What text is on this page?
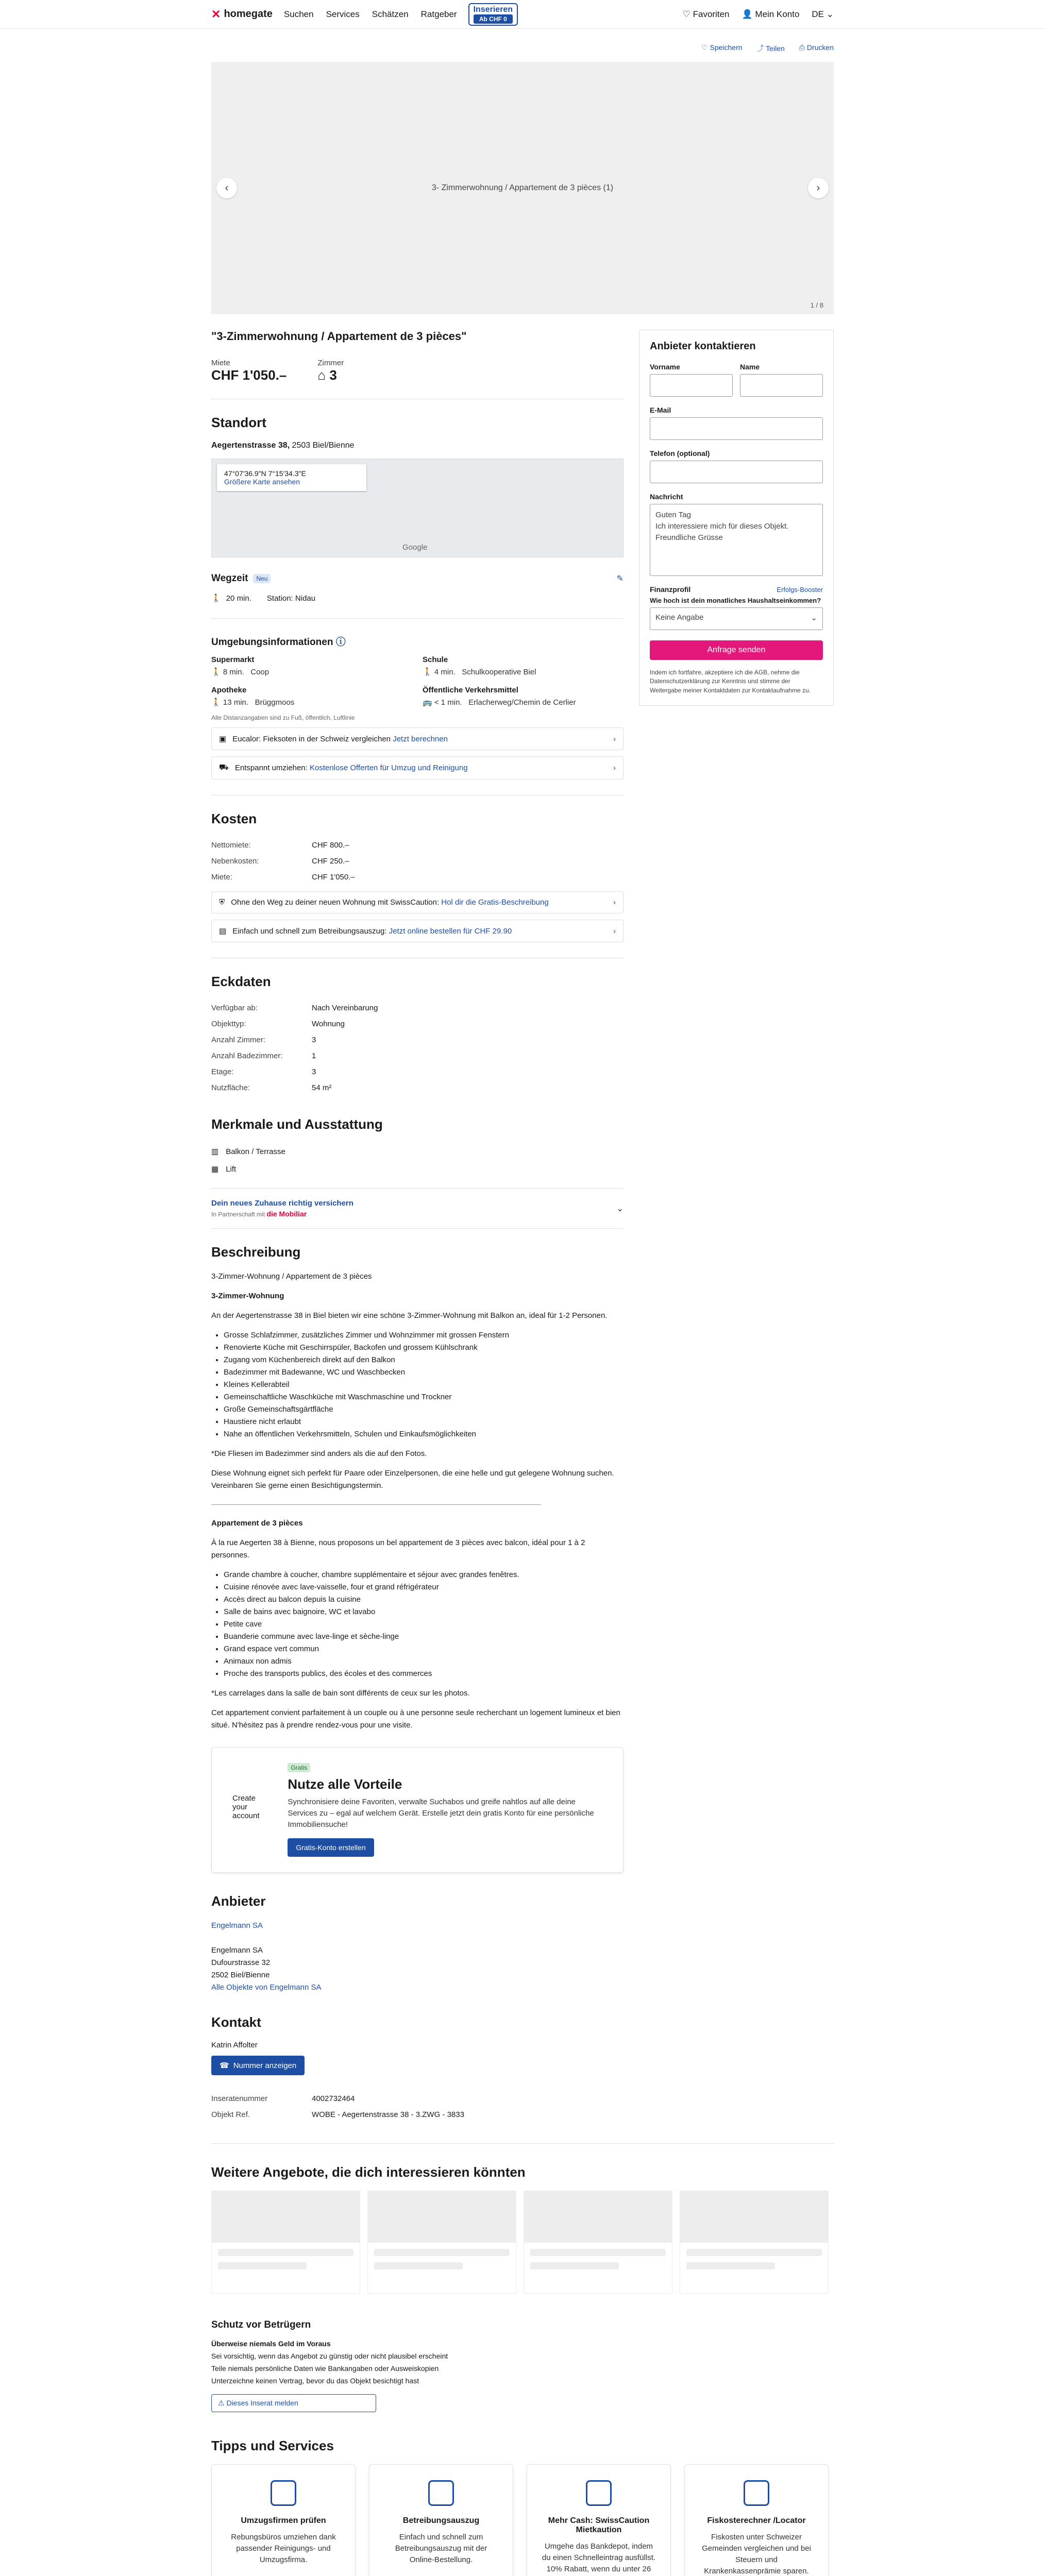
✕ homegate Suchen Services Schätzen Ratgeber	Inserieren
Ab CHF 0	♡ Favoriten 👤 Mein Konto DE ⌄
♡ Speichern ⤴ Teilen ⎙ Drucken
3- Zimmerwohnung / Appartement de 3 pièces (1)
‹	›
1 / 8
"3-Zimmerwohnung / Appartement de 3 pièces"
Miete
CHF 1'050.–
Zimmer
⌂ 3
Standort
Aegertenstrasse 38, 2503 Biel/Bienne
47°07'36.9"N 7°15'34.3"E
Größere Karte ansehen
Google
Wegzeit	Neu	✎
🚶 20 min. Station: Nidau
Umgebungsinformationen ⓘ
Supermarkt
🚶 8 min. Coop
Schule
🚶 4 min. Schulkooperative Biel
Apotheke
🚶 13 min. Brüggmoos
Öffentliche Verkehrsmittel
🚌 < 1 min. Erlacherweg/Chemin de Cerlier
Alle Distanzangaben sind zu Fuß, öffentlich, Luftlinie
▣ Eucalor: Fieksoten in der Schweiz vergleichen Jetzt berechnen	›
⛟ Entspannt umziehen: Kostenlose Offerten für Umzug und Reinigung	›
Kosten
Nettomiete:	CHF 800.–
Nebenkosten:	CHF 250.–
Miete:	CHF 1'050.–
⛨ Ohne den Weg zu deiner neuen Wohnung mit SwissCaution: Hol dir die Gratis-Beschreibung	›
▤ Einfach und schnell zum Betreibungsauszug: Jetzt online bestellen für CHF 29.90	›
Eckdaten
Verfügbar ab:	Nach Vereinbarung
Objekttyp:	Wohnung
Anzahl Zimmer:	3
Anzahl Badezimmer:	1
Etage:	3
Nutzfläche:	54 m²
Merkmale und Ausstattung
▥ Balkon / Terrasse
▦ Lift
Dein neues Zuhause richtig versichern
In Partnerschaft mit die Mobiliar
⌄
Beschreibung

3-Zimmer-Wohnung / Appartement de 3 pièces

3-Zimmer-Wohnung

An der Aegertenstrasse 38 in Biel bieten wir eine schöne 3-Zimmer-Wohnung mit Balkon an, ideal für 1-2 Personen.

• Grosse Schlafzimmer, zusätzliches Zimmer und Wohnzimmer mit grossen Fenstern
• Renovierte Küche mit Geschirrspüler, Backofen und grossem Kühlschrank
• Zugang vom Küchenbereich direkt auf den Balkon
• Badezimmer mit Badewanne, WC und Waschbecken
• Kleines Kellerabteil
• Gemeinschaftliche Waschküche mit Waschmaschine und Trockner
• Große Gemeinschaftsgärtfläche
• Haustiere nicht erlaubt
• Nahe an öffentlichen Verkehrsmitteln, Schulen und Einkaufsmöglichkeiten

*Die Fliesen im Badezimmer sind anders als die auf den Fotos.

Diese Wohnung eignet sich perfekt für Paare oder Einzelpersonen, die eine helle und gut gelegene Wohnung suchen. Vereinbaren Sie gerne einen Besichtigungstermin.

Appartement de 3 pièces

À la rue Aegerten 38 à Bienne, nous proposons un bel appartement de 3 pièces avec balcon, idéal pour 1 à 2 personnes.

• Grande chambre à coucher, chambre supplémentaire et séjour avec grandes fenêtres.
• Cuisine rénovée avec lave-vaisselle, four et grand réfrigérateur
• Accès direct au balcon depuis la cuisine
• Salle de bains avec baignoire, WC et lavabo
• Petite cave
• Buanderie commune avec lave-linge et sèche-linge
• Grand espace vert commun
• Animaux non admis
• Proche des transports publics, des écoles et des commerces

*Les carrelages dans la salle de bain sont différents de ceux sur les photos.

Cet appartement convient parfaitement à un couple ou à une personne seule recherchant un logement lumineux et bien situé. N'hésitez pas à prendre rendez-vous pour une visite.

Create your account
Gratis
Nutze alle Vorteile
Synchronisiere deine Favoriten, verwalte Suchabos und greife nahtlos auf alle deine Services zu – egal auf welchem Gerät. Erstelle jetzt dein gratis Konto für eine persönliche Immobiliensuche!
Gratis-Konto erstellen
Anbieter
Engelmann SA

Engelmann SA
Dufourstrasse 32
2502 Biel/Bienne
Alle Objekte von Engelmann SA
Kontakt
Katrin Affolter
☎ Nummer anzeigen
Inseratenummer	4002732464
Objekt Ref.	WOBE - Aegertenstrasse 38 - 3.ZWG - 3833
Anbieter kontaktieren
Vorname	Name
E-Mail
Telefon (optional)
Nachricht
Guten Tag
Ich interessiere mich für dieses Objekt.
Freundliche Grüsse
Finanzprofil	Erfolgs-Booster
Wie hoch ist dein monatliches Haushaltseinkommen?
Keine Angabe	⌄
Anfrage senden
Indem ich fortfahre, akzeptiere ich die AGB, nehme die Datenschutzerklärung zur Kenntnis und stimme der Weitergabe meiner Kontaktdaten zur Kontaktaufnahme zu.
Weitere Angebote, die dich interessieren könnten
Schutz vor Betrügern
Überweise niemals Geld im Voraus
Sei vorsichtig, wenn das Angebot zu günstig oder nicht plausibel erscheint
Teile niemals persönliche Daten wie Bankangaben oder Ausweiskopien
Unterzeichne keinen Vertrag, bevor du das Objekt besichtigt hast
⚠ Dieses Inserat melden
Tipps und Services
Umzugsfirmen prüfen
Rebungsbüros umziehen dank passender Reinigungs- und Umzugsfirma.
Betreibungsauszug
Einfach und schnell zum Betreibungsauszug mit der Online-Bestellung.
Mehr Cash: SwissCaution Mietkaution
Umgehe das Bankdepot, indem du einen Schnelleintrag ausfüllst. 10% Rabatt, wenn du unter 26
Fiskosterechner /Locator
Fiskosten unter Schweizer Gemeinden vergleichen und bei Steuern und Krankenkassenprämie sparen.
